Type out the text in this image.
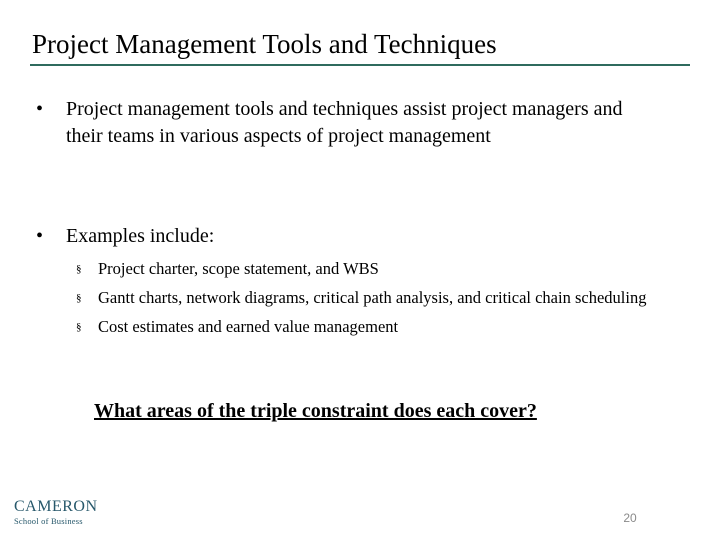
Project Management Tools and Techniques
• Project management tools and techniques assist project managers and their teams in various aspects of project management
• Examples include:
§ Project charter, scope statement, and WBS
§ Gantt charts, network diagrams, critical path analysis, and critical chain scheduling
§ Cost estimates and earned value management
What areas of the triple constraint does each cover?
CAMERON
School of Business	20
